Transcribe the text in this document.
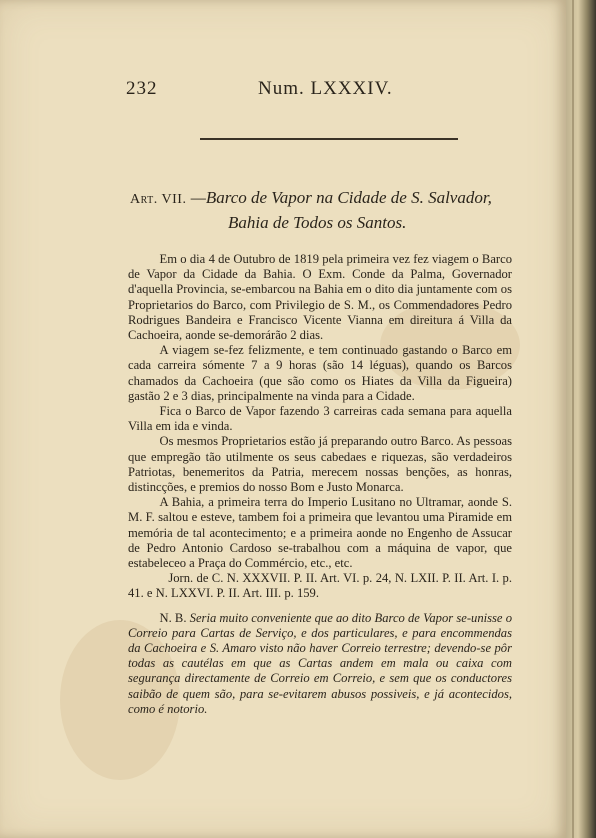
232	Num. LXXXIV.
Art. VII. —Barco de Vapor na Cidade de S. Salvador,
Bahia de Todos os Santos.

Em o dia 4 de Outubro de 1819 pela primeira vez fez viagem o Barco de Vapor da Cidade da Bahia. O Exm. Conde da Palma, Governador d'aquella Provincia, se-embarcou na Bahia em o dito dia juntamente com os Proprietarios do Barco, com Privilegio de S. M., os Commendadores Pedro Rodrigues Bandeira e Francisco Vicente Vianna em direitura á Villa da Cachoeira, aonde se-demorárão 2 dias.

A viagem se-fez felizmente, e tem continuado gastando o Barco em cada carreira sómente 7 a 9 horas (são 14 léguas), quando os Barcos chamados da Cachoeira (que são como os Hiates da Villa da Figueira) gastão 2 e 3 dias, principalmente na vinda para a Cidade.

Fica o Barco de Vapor fazendo 3 carreiras cada semana para aquella Villa em ida e vinda.

Os mesmos Proprietarios estão já preparando outro Barco. As pessoas que empregão tão utilmente os seus cabedaes e riquezas, são verdadeiros Patriotas, benemeritos da Patria, merecem nossas benções, as honras, distincções, e premios do nosso Bom e Justo Monarca.

A Bahia, a primeira terra do Imperio Lusitano no Ultramar, aonde S. M. F. saltou e esteve, tambem foi a primeira que levantou uma Piramide em memória de tal acontecimento; e a primeira aonde no Engenho de Assucar de Pedro Antonio Cardoso se-trabalhou com a máquina de vapor, que estabeleceo a Praça do Commércio, etc., etc.

Jorn. de C. N. XXXVII. P. II. Art. VI. p. 24, N. LXII. P. II. Art. I. p. 41. e N. LXXVI. P. II. Art. III. p. 159.

N. B. Seria muito conveniente que ao dito Barco de Vapor se-unisse o Correio para Cartas de Serviço, e dos particulares, e para encommendas da Cachoeira e S. Amaro visto não haver Correio terrestre; devendo-se pôr todas as cautélas em que as Cartas andem em mala ou caixa com segurança directamente de Correio em Correio, e sem que os conductores saibão de quem são, para se-evitarem abusos possiveis, e já acontecidos, como é notorio.
